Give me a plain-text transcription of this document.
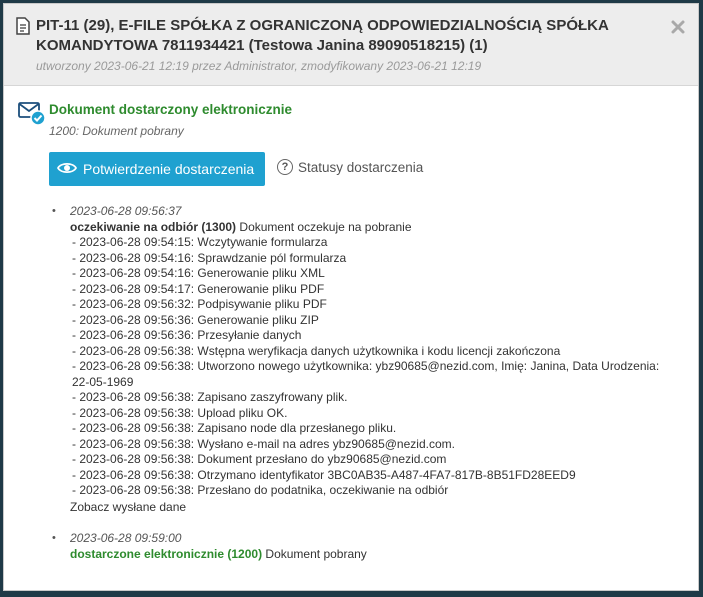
PIT-11 (29), E-FILE SPÓŁKA Z OGRANICZONĄ ODPOWIEDZIALNOŚCIĄ SPÓŁKA KOMANDYTOWA 7811934421 (Testowa Janina 89090518215) (1)
utworzony 2023-06-21 12:19 przez Administrator, zmodyfikowany 2023-06-21 12:19
Dokument dostarczony elektronicznie
1200: Dokument pobrany
Potwierdzenie dostarczenia	? Statusy dostarczenia
• 2023-06-28 09:56:37
oczekiwanie na odbiór (1300) Dokument oczekuje na pobranie
- 2023-06-28 09:54:15: Wczytywanie formularza
- 2023-06-28 09:54:16: Sprawdzanie pól formularza
- 2023-06-28 09:54:16: Generowanie pliku XML
- 2023-06-28 09:54:17: Generowanie pliku PDF
- 2023-06-28 09:56:32: Podpisywanie pliku PDF
- 2023-06-28 09:56:36: Generowanie pliku ZIP
- 2023-06-28 09:56:36: Przesyłanie danych
- 2023-06-28 09:56:38: Wstępna weryfikacja danych użytkownika i kodu licencji zakończona
- 2023-06-28 09:56:38: Utworzono nowego użytkownika: ybz90685@nezid.com, Imię: Janina, Data Urodzenia: 22-05-1969
- 2023-06-28 09:56:38: Zapisano zaszyfrowany plik.
- 2023-06-28 09:56:38: Upload pliku OK.
- 2023-06-28 09:56:38: Zapisano node dla przesłanego pliku.
- 2023-06-28 09:56:38: Wysłano e-mail na adres ybz90685@nezid.com.
- 2023-06-28 09:56:38: Dokument przesłano do ybz90685@nezid.com
- 2023-06-28 09:56:38: Otrzymano identyfikator 3BC0AB35-A487-4FA7-817B-8B51FD28EED9
- 2023-06-28 09:56:38: Przesłano do podatnika, oczekiwanie na odbiór
Zobacz wysłane dane
• 2023-06-28 09:59:00
dostarczone elektronicznie (1200) Dokument pobrany
